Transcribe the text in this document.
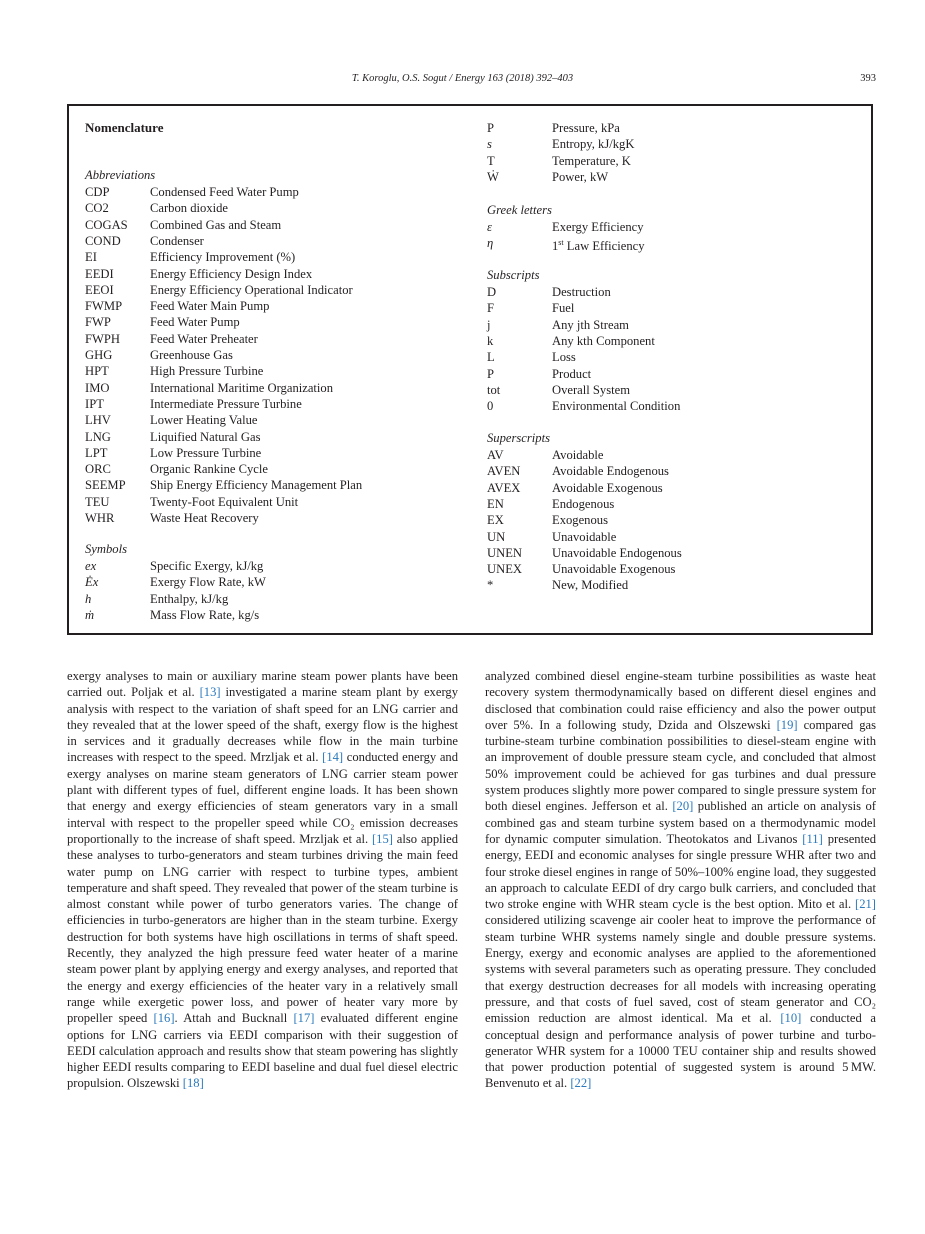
T. Koroglu, O.S. Sogut / Energy 163 (2018) 392–403	393
Nomenclature
Abbreviations
CDP	Condensed Feed Water Pump
CO2	Carbon dioxide
COGAS Combined Gas and Steam
COND Condenser
EI	Efficiency Improvement (%)
EEDI	Energy Efficiency Design Index
EEOI	Energy Efficiency Operational Indicator
FWMP Feed Water Main Pump
FWP	Feed Water Pump
FWPH Feed Water Preheater
GHG	Greenhouse Gas
HPT	High Pressure Turbine
IMO	International Maritime Organization
IPT	Intermediate Pressure Turbine
LHV	Lower Heating Value
LNG	Liquified Natural Gas
LPT	Low Pressure Turbine
ORC	Organic Rankine Cycle
SEEMP Ship Energy Efficiency Management Plan
TEU	Twenty-Foot Equivalent Unit
WHR	Waste Heat Recovery
Symbols
ex	Specific Exergy, kJ/kg
Ėx	Exergy Flow Rate, kW
h	Enthalpy, kJ/kg
ṁ	Mass Flow Rate, kg/s
P	Pressure, kPa
s	Entropy, kJ/kgK
T	Temperature, K
Ẇ	Power, kW
Greek letters
ε	Exergy Efficiency
η	1st Law Efficiency
Subscripts
D	Destruction
F	Fuel
j	Any jth Stream
k	Any kth Component
L	Loss
P	Product
tot	Overall System
0	Environmental Condition
Superscripts
AV	Avoidable
AVEN	Avoidable Endogenous
AVEX	Avoidable Exogenous
EN	Endogenous
EX	Exogenous
UN	Unavoidable
UNEN Unavoidable Endogenous
UNEX Unavoidable Exogenous
*	New, Modified

exergy analyses to main or auxiliary marine steam power plants have been carried out. Poljak et al. [13] investigated a marine steam plant by exergy analysis with respect to the variation of shaft speed for an LNG carrier and they revealed that at the lower speed of the shaft, exergy flow is the highest in services and it gradually decreases while flow in the main turbine increases with respect to the speed. Mrzljak et al. [14] conducted energy and exergy analyses on marine steam generators of LNG carrier steam power plant with different types of fuel, different engine loads. It has been shown that energy and exergy efficiencies of steam generators vary in a small interval with respect to the propeller speed while CO₂ emission decreases proportionally to the increase of shaft speed. Mrzljak et al. [15] also applied these analyses to turbo-generators and steam turbines driving the main feed water pump on LNG carrier with respect to turbine types, ambient temperature and shaft speed. They revealed that power of the steam turbine is almost constant while power of turbo generators varies. The change of efficiencies in turbo-generators are higher than in the steam turbine. Exergy destruction for both systems have high oscillations in terms of shaft speed. Recently, they analyzed the high pressure feed water heater of a marine steam power plant by applying energy and exergy analyses, and reported that the energy and exergy efficiencies of the heater vary in a relatively small range while exergetic power loss, and power of heater vary more by propeller speed [16]. Attah and Bucknall [17] evaluated different engine options for LNG carriers via EEDI comparison with their suggestion of EEDI calculation approach and results show that steam powering has slightly higher EEDI results comparing to EEDI baseline and dual fuel diesel electric propulsion. Olszewski [18]

analyzed combined diesel engine-steam turbine possibilities as waste heat recovery system thermodynamically based on different diesel engines and disclosed that combination could raise efficiency and also the power output over 5%. In a following study, Dzida and Olszewski [19] compared gas turbine-steam turbine combination possibilities to diesel-steam engine with an improvement of double pressure steam cycle, and concluded that almost 50% improvement could be achieved for gas turbines and dual pressure system produces slightly more power compared to single pressure system for both diesel engines. Jefferson et al. [20] published an article on analysis of combined gas and steam turbine system based on a thermodynamic model for dynamic computer simulation. Theotokatos and Livanos [11] presented energy, EEDI and economic analyses for single pressure WHR after two and four stroke diesel engines in range of 50%–100% engine load, they suggested an approach to calculate EEDI of dry cargo bulk carriers, and concluded that two stroke engine with WHR steam cycle is the best option. Mito et al. [21] considered utilizing scavenge air cooler heat to improve the performance of steam turbine WHR systems namely single and double pressure systems. Energy, exergy and economic analyses are applied to the aforementioned systems with several parameters such as operating pressure. They concluded that exergy destruction decreases for all models with increasing operating pressure, and that costs of fuel saved, cost of steam generator and CO₂ emission reduction are almost identical. Ma et al. [10] conducted a conceptual design and performance analysis of power turbine and turbo-generator WHR system for a 10000 TEU container ship and results showed that power production potential of suggested system is around 5 MW. Benvenuto et al. [22]
